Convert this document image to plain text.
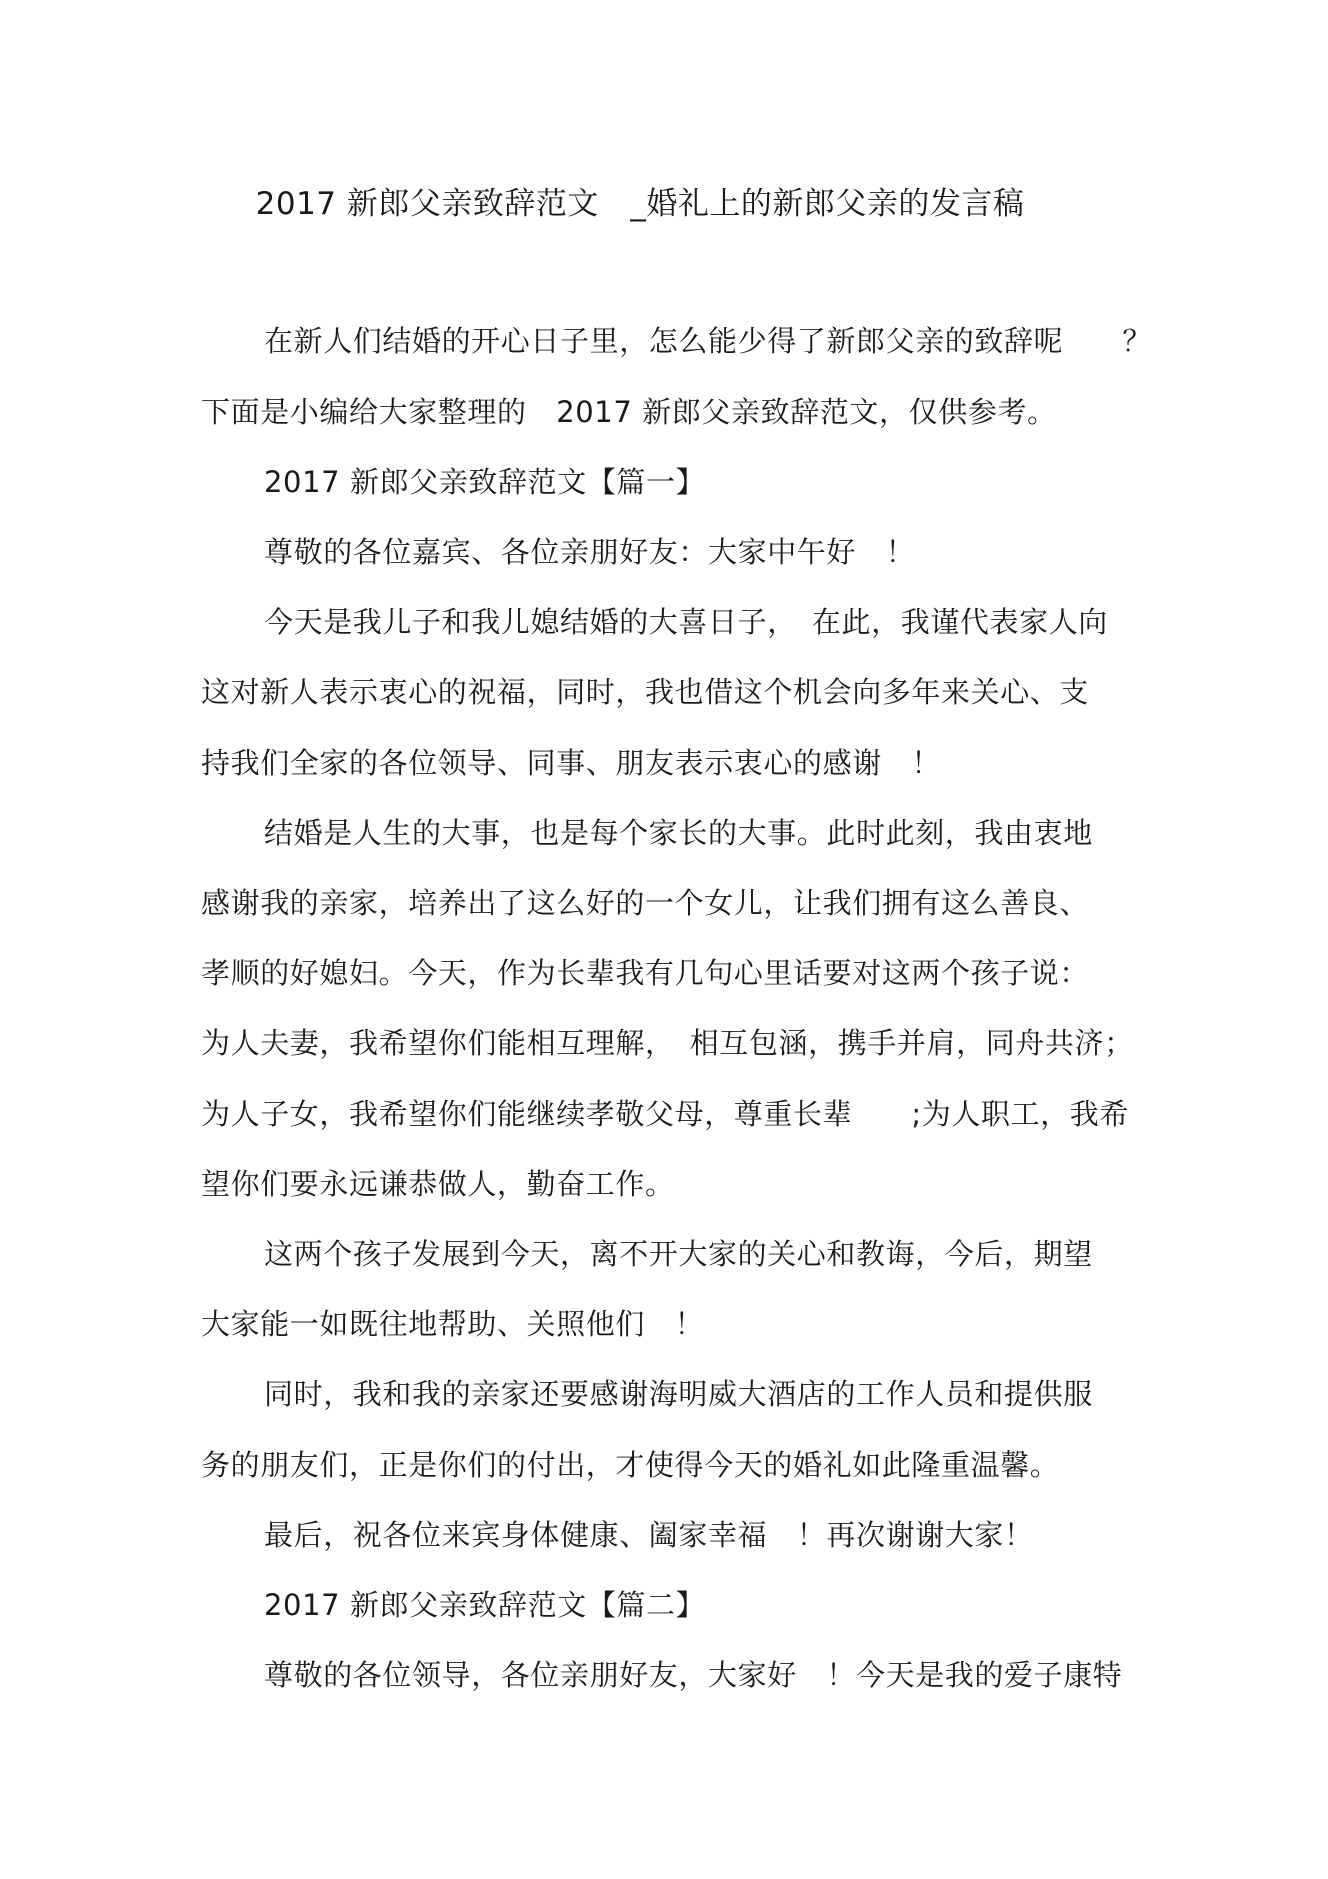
2017 新郎父亲致辞范文　_婚礼上的新郎父亲的发言稿
在新人们结婚的开心日子里，怎么能少得了新郎父亲的致辞呢　　？
下面是小编给大家整理的　2017 新郎父亲致辞范文，仅供参考。
2017 新郎父亲致辞范文【篇一】
尊敬的各位嘉宾、各位亲朋好友：大家中午好　！
今天是我儿子和我儿媳结婚的大喜日子，　在此，我谨代表家人向
这对新人表示衷心的祝福，同时，我也借这个机会向多年来关心、支
持我们全家的各位领导、同事、朋友表示衷心的感谢　！
结婚是人生的大事，也是每个家长的大事。此时此刻，我由衷地
感谢我的亲家，培养出了这么好的一个女儿，让我们拥有这么善良、
孝顺的好媳妇。今天，作为长辈我有几句心里话要对这两个孩子说：
为人夫妻，我希望你们能相互理解，　相互包涵，携手并肩，同舟共济；
为人子女，我希望你们能继续孝敬父母，尊重长辈　　;为人职工，我希
望你们要永远谦恭做人，勤奋工作。
这两个孩子发展到今天，离不开大家的关心和教诲，今后，期望
大家能一如既往地帮助、关照他们　！
同时，我和我的亲家还要感谢海明威大酒店的工作人员和提供服
务的朋友们，正是你们的付出，才使得今天的婚礼如此隆重温馨。
最后，祝各位来宾身体健康、阖家幸福　！再次谢谢大家！
2017 新郎父亲致辞范文【篇二】
尊敬的各位领导，各位亲朋好友，大家好　！今天是我的爱子康特
